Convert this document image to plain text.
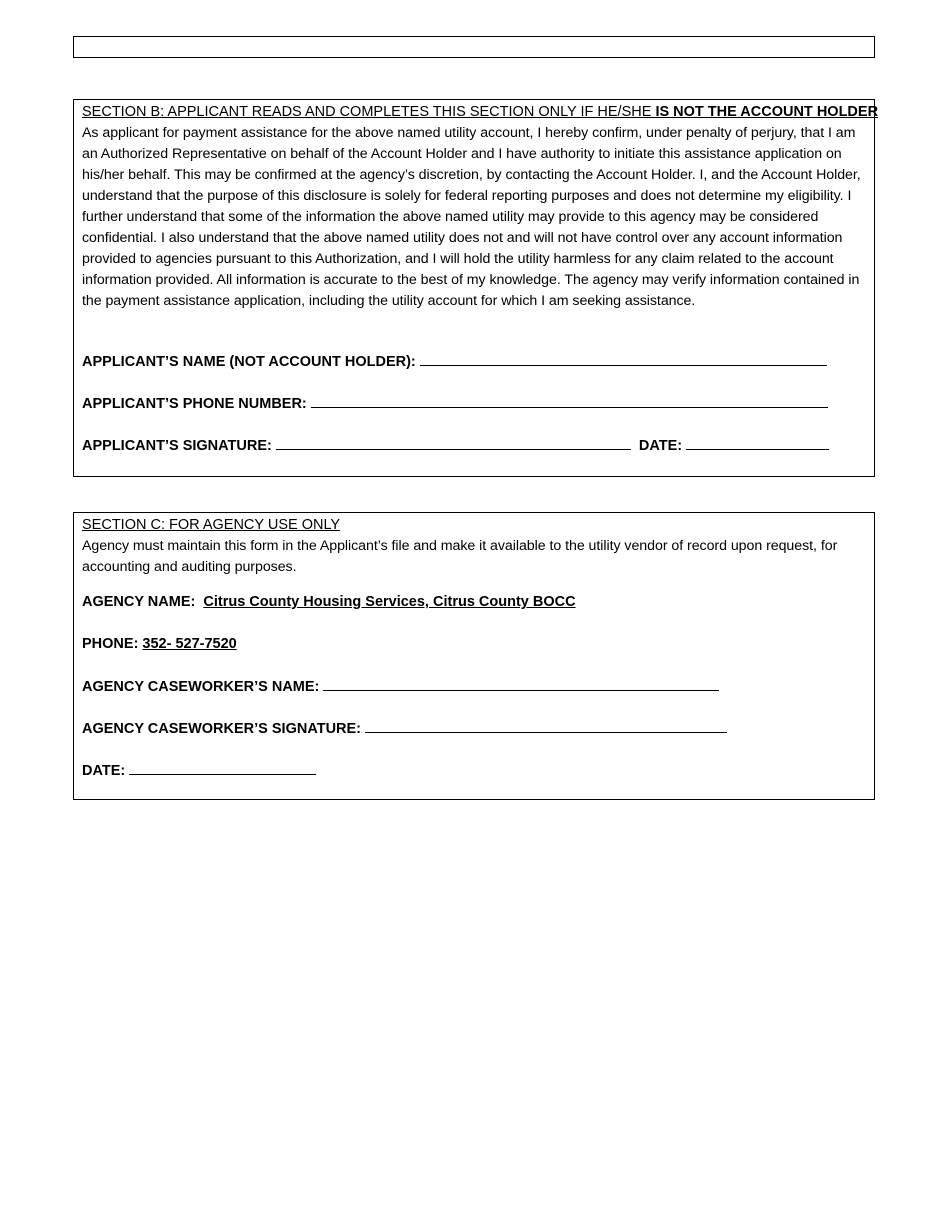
SECTION B: APPLICANT READS AND COMPLETES THIS SECTION ONLY IF HE/SHE IS NOT THE ACCOUNT HOLDER

As applicant for payment assistance for the above named utility account, I hereby confirm, under penalty of perjury, that I am an Authorized Representative on behalf of the Account Holder and I have authority to initiate this assistance application on his/her behalf. This may be confirmed at the agency’s discretion, by contacting the Account Holder. I, and the Account Holder, understand that the purpose of this disclosure is solely for federal reporting purposes and does not determine my eligibility. I further understand that some of the information the above named utility may provide to this agency may be considered confidential. I also understand that the above named utility does not and will not have control over any account information provided to agencies pursuant to this Authorization, and I will hold the utility harmless for any claim related to the account information provided. All information is accurate to the best of my knowledge. The agency may verify information contained in the payment assistance application, including the utility account for which I am seeking assistance.

APPLICANT’S NAME (NOT ACCOUNT HOLDER):
APPLICANT’S PHONE NUMBER:
APPLICANT’S SIGNATURE:	DATE:
SECTION C: FOR AGENCY USE ONLY

Agency must maintain this form in the Applicant’s file and make it available to the utility vendor of record upon request, for accounting and auditing purposes.

AGENCY NAME: Citrus County Housing Services, Citrus County BOCC
PHONE: 352- 527-7520
AGENCY CASEWORKER’S NAME:
AGENCY CASEWORKER’S SIGNATURE:
DATE:
